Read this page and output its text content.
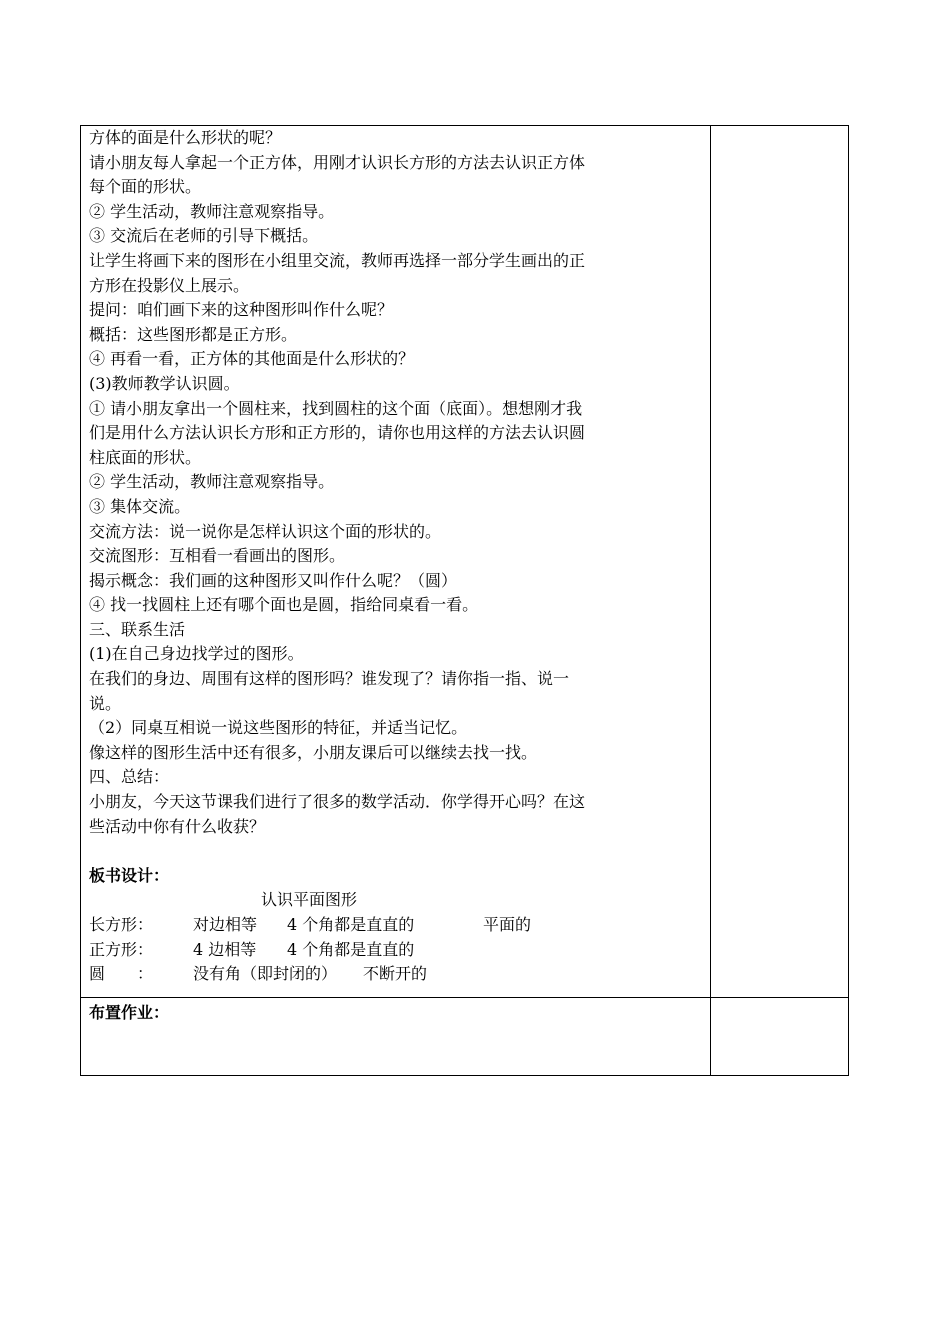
方体的面是什么形状的呢？
请小朋友每人拿起一个正方体，用刚才认识长方形的方法去认识正方体
每个面的形状。
② 学生活动，教师注意观察指导。
③ 交流后在老师的引导下概括。
让学生将画下来的图形在小组里交流，教师再选择一部分学生画出的正
方形在投影仪上展示。
提问：咱们画下来的这种图形叫作什么呢？
概括：这些图形都是正方形。
④ 再看一看，正方体的其他面是什么形状的？
(3)教师教学认识圆。
① 请小朋友拿出一个圆柱来，找到圆柱的这个面（底面）。想想刚才我
们是用什么方法认识长方形和正方形的，请你也用这样的方法去认识圆
柱底面的形状。
② 学生活动，教师注意观察指导。
③ 集体交流。
交流方法：说一说你是怎样认识这个面的形状的。
交流图形：互相看一看画出的图形。
揭示概念：我们画的这种图形又叫作什么呢？（圆）
④ 找一找圆柱上还有哪个面也是圆，指给同桌看一看。
三、联系生活
(1)在自己身边找学过的图形。
在我们的身边、周围有这样的图形吗？谁发现了？请你指一指、说一
说。
（2）同桌互相说一说这些图形的特征，并适当记忆。
像这样的图形生活中还有很多，小朋友课后可以继续去找一找。
四、总结：
小朋友，今天这节课我们进行了很多的数学活动．你学得开心吗？在这
些活动中你有什么收获？
板书设计：
认识平面图形
长方形：	对边相等	4 个角都是直直的	平面的
正方形：	4 边相等	4 个角都是直直的
圆　　：	没有角（即封闭的）	不断开的
布置作业：
